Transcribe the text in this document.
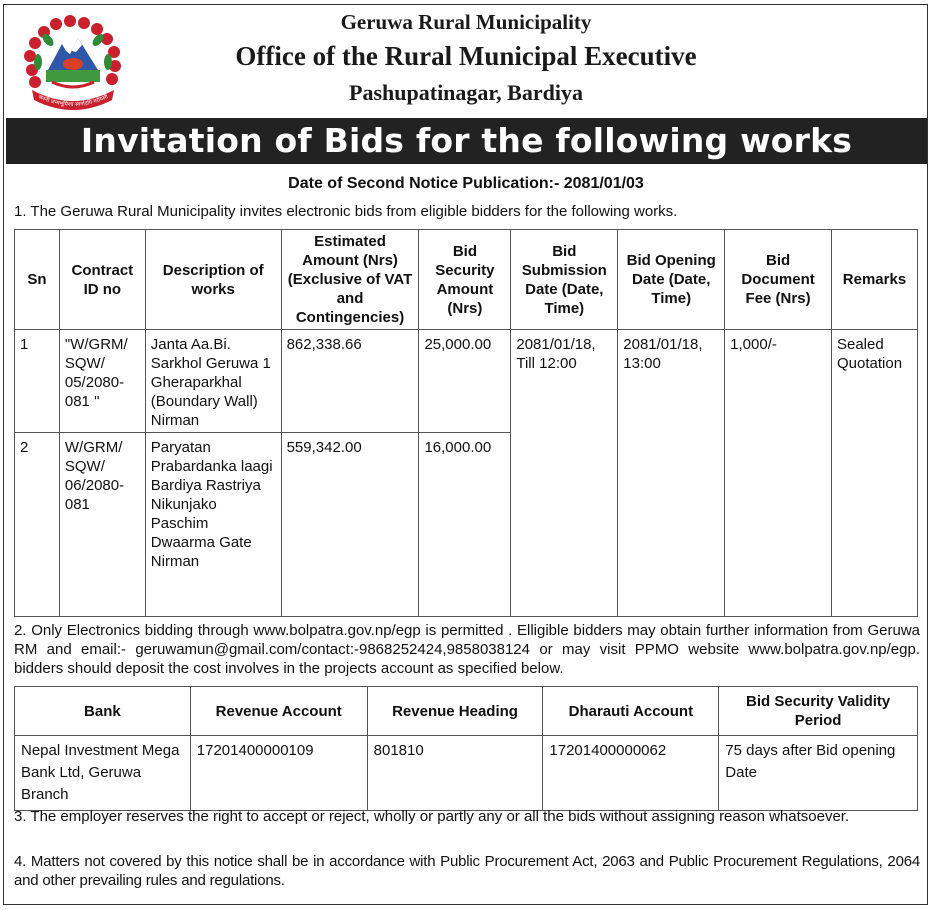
जननी जन्मभूमिश्च स्वर्गादपि गरीयसी
Geruwa Rural Municipality
Office of the Rural Municipal Executive
Pashupatinagar, Bardiya
Invitation of Bids for the following works
Date of Second Notice Publication:- 2081/01/03
1. The Geruwa Rural Municipality invites electronic bids from eligible bidders for the following works.
Sn	Contract ID no	Description of works	Estimated Amount (Nrs) (Exclusive of VAT and Contingencies)	Bid Security Amount (Nrs)	Bid Submission Date (Date, Time)	Bid Opening Date (Date, Time)	Bid Document Fee (Nrs)	Remarks
1	"W/GRM/ SQW/ 05/2080- 081 "	Janta Aa.Bi. Sarkhol Geruwa 1 Gheraparkhal (Boundary Wall) Nirman	862,338.66	25,000.00	2081/01/18, Till 12:00	2081/01/18, 13:00	1,000/-	Sealed Quotation
2	W/GRM/ SQW/ 06/2080- 081	Paryatan Prabardanka laagi Bardiya Rastriya Nikunjako Paschim Dwaarma Gate Nirman	559,342.00	16,000.00				
2. Only Electronics bidding through www.bolpatra.gov.np/egp is permitted . Elligible bidders may obtain further information from Geruwa RM and email:- geruwamun@gmail.com/contact:-9868252424,9858038124 or may visit PPMO website www.bolpatra.gov.np/egp. bidders should deposit the cost involves in the projects account as specified below.
Bank	Revenue Account	Revenue Heading	Dharauti Account	Bid Security Validity Period
Nepal Investment Mega Bank Ltd, Geruwa Branch	17201400000109	801810	17201400000062	75 days after Bid opening Date
3. The employer reserves the right to accept or reject, wholly or partly any or all the bids without assigning reason whatsoever.
4. Matters not covered by this notice shall be in accordance with Public Procurement Act, 2063 and Public Procurement Regulations, 2064 and other prevailing rules and regulations.
